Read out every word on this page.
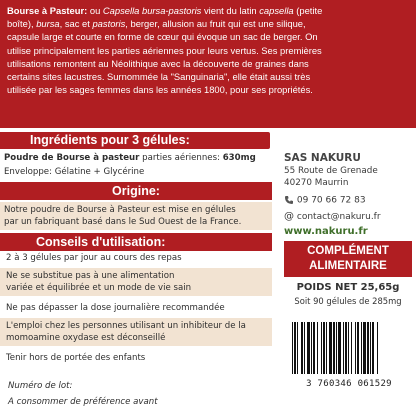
Bourse à Pasteur: ou Capsella bursa-pastoris vient du latin capsella (petite
boîte), bursa, sac et pastoris, berger, allusion au fruit qui est une silique,
capsule large et courte en forme de cœur qui évoque un sac de berger. On
utilise principalement les parties aériennes pour leurs vertus. Ses premières
utilisations remontent au Néolithique avec la découverte de graines dans
certains sites lacustres. Surnommée la "Sanguinaria", elle était aussi très
utilisée par les sages femmes dans les années 1800, pour ses propriétés.
Ingrédients pour 3 gélules:
Poudre de Bourse à pasteur parties aériennes: 630mg
Enveloppe: Gélatine + Glycérine
Origine:
Notre poudre de Bourse à Pasteur est mise en gélules
par un fabriquant basé dans le Sud Ouest de la France.
Conseils d'utilisation:
2 à 3 gélules par jour au cours des repas
Ne se substitue pas à une alimentation
variée et équilibrée et un mode de vie sain
Ne pas dépasser la dose journalière recommandée
L'emploi chez les personnes utilisant un inhibiteur de la
momoamine oxydase est déconseillé
Tenir hors de portée des enfants
Numéro de lot:
A consommer de préférence avant
SAS NAKURU
55 Route de Grenade
40270 Maurrin
09 70 66 72 83
@ contact@nakuru.fr
www.nakuru.fr
COMPLÉMENT
ALIMENTAIRE
POIDS NET 25,65g
Soit 90 gélules de 285mg
3 760346 061529
